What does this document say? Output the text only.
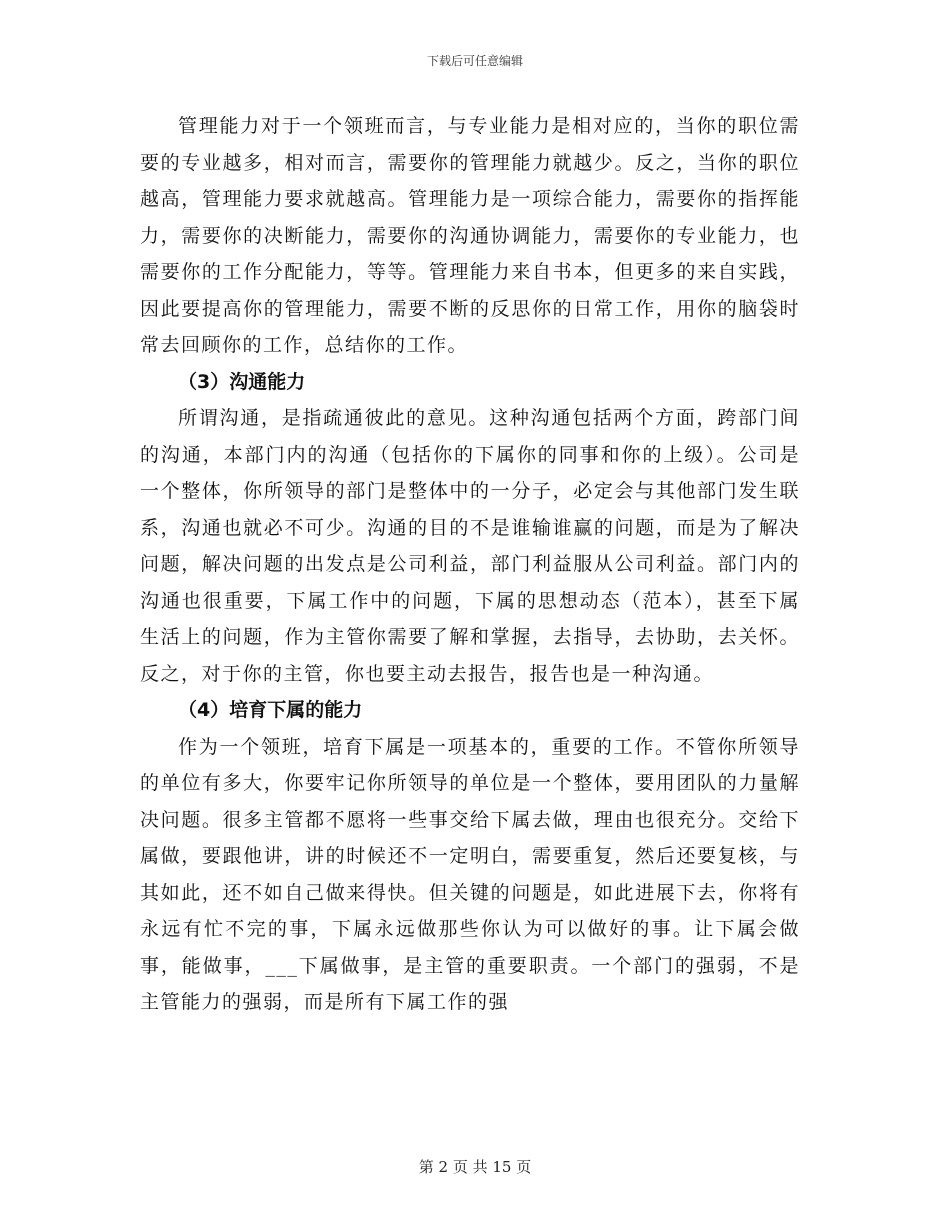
下载后可任意编辑

管理能力对于一个领班而言，与专业能力是相对应的，当你的职位需要的专业越多，相对而言，需要你的管理能力就越少。反之，当你的职位越高，管理能力要求就越高。管理能力是一项综合能力，需要你的指挥能力，需要你的决断能力，需要你的沟通协调能力，需要你的专业能力，也需要你的工作分配能力，等等。管理能力来自书本，但更多的来自实践，因此要提高你的管理能力，需要不断的反思你的日常工作，用你的脑袋时常去回顾你的工作，总结你的工作。

（3）沟通能力

所谓沟通，是指疏通彼此的意见。这种沟通包括两个方面，跨部门间的沟通，本部门内的沟通（包括你的下属你的同事和你的上级）。公司是一个整体，你所领导的部门是整体中的一分子，必定会与其他部门发生联系，沟通也就必不可少。沟通的目的不是谁输谁赢的问题，而是为了解决问题，解决问题的出发点是公司利益，部门利益服从公司利益。部门内的沟通也很重要，下属工作中的问题，下属的思想动态（范本），甚至下属生活上的问题，作为主管你需要了解和掌握，去指导，去协助，去关怀。反之，对于你的主管，你也要主动去报告，报告也是一种沟通。

（4）培育下属的能力

作为一个领班，培育下属是一项基本的，重要的工作。不管你所领导的单位有多大，你要牢记你所领导的单位是一个整体，要用团队的力量解决问题。很多主管都不愿将一些事交给下属去做，理由也很充分。交给下属做，要跟他讲，讲的时候还不一定明白，需要重复，然后还要复核，与其如此，还不如自己做来得快。但关键的问题是，如此进展下去，你将有永远有忙不完的事，下属永远做那些你认为可以做好的事。让下属会做事，能做事，___下属做事，是主管的重要职责。一个部门的强弱，不是主管能力的强弱，而是所有下属工作的强

第 2 页 共 15 页
